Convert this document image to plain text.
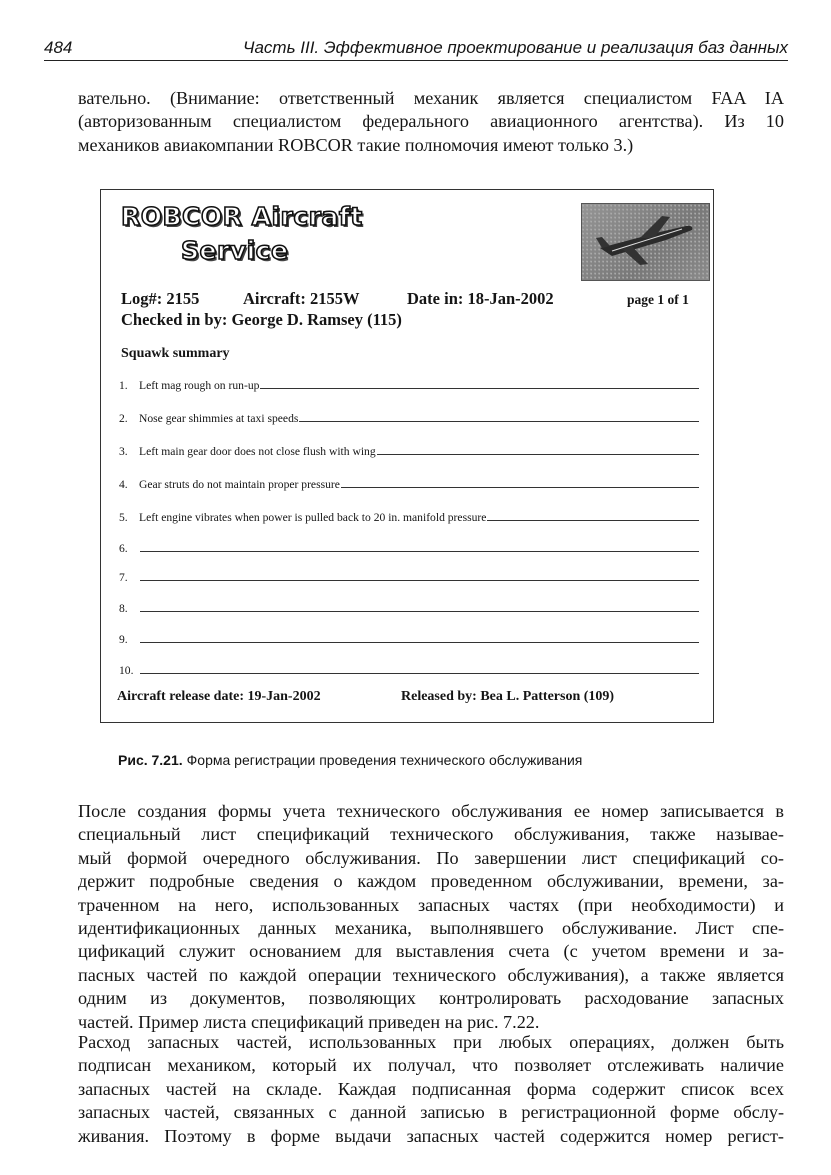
484	Часть III. Эффективное проектирование и реализация баз данных
вательно. (Внимание: ответственный механик является специалистом FAA IA
(авторизованным специалистом федерального авиационного агентства). Из 10
механиков авиакомпании ROBCOR такие полномочия имеют только 3.)
ROBCOR Aircraft
Service
Log#: 2155	Aircraft: 2155W	Date in: 18-Jan-2002	page 1 of 1
Checked in by: George D. Ramsey (115)
Squawk summary
1. Left mag rough on run-up
2. Nose gear shimmies at taxi speeds
3. Left main gear door does not close flush with wing
4. Gear struts do not maintain proper pressure
5. Left engine vibrates when power is pulled back to 20 in. manifold pressure
6.
7.
8.
9.
10.
Aircraft release date: 19-Jan-2002	Released by: Bea L. Patterson (109)
Рис. 7.21. Форма регистрации проведения технического обслуживания
После создания формы учета технического обслуживания ее номер записывается в
специальный лист спецификаций технического обслуживания, также называе-
мый формой очередного обслуживания. По завершении лист спецификаций со-
держит подробные сведения о каждом проведенном обслуживании, времени, за-
траченном на него, использованных запасных частях (при необходимости) и
идентификационных данных механика, выполнявшего обслуживание. Лист спе-
цификаций служит основанием для выставления счета (с учетом времени и за-
пасных частей по каждой операции технического обслуживания), а также является
одним из документов, позволяющих контролировать расходование запасных
частей. Пример листа спецификаций приведен на рис. 7.22.
Расход запасных частей, использованных при любых операциях, должен быть
подписан механиком, который их получал, что позволяет отслеживать наличие
запасных частей на складе. Каждая подписанная форма содержит список всех
запасных частей, связанных с данной записью в регистрационной форме обслу-
живания. Поэтому в форме выдачи запасных частей содержится номер регист-
